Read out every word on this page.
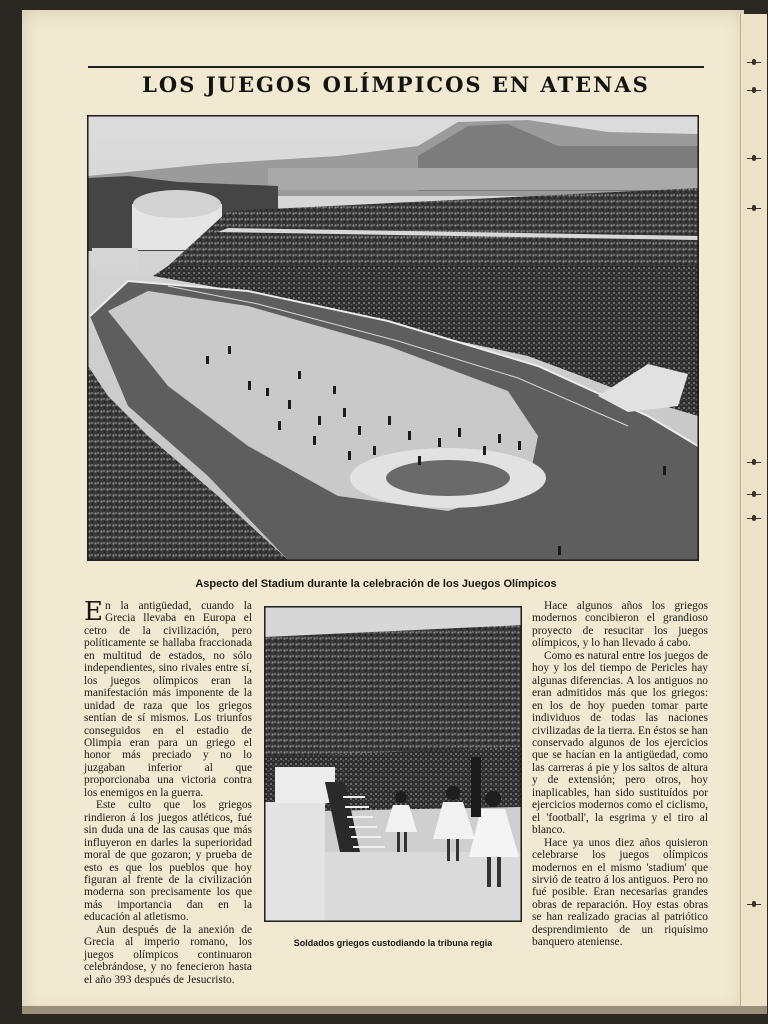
LOS JUEGOS OLÍMPICOS EN ATENAS
Aspecto del Stadium durante la celebración de los Juegos Olímpicos

En la antigüedad, cuando la Grecia llevaba en Europa el cetro de la civilización, pero políticamente se hallaba fraccionada en multitud de estados, no sólo independientes, sino rivales entre sí, los juegos olímpicos eran la manifestación más imponente de la unidad de raza que los griegos sentían de sí mismos. Los triunfos conseguidos en el estadio de Olimpia eran para un griego el honor más preciado y no lo juzgaban inferior al que proporcionaba una victoria contra los enemigos en la guerra.

Este culto que los griegos rindieron á los juegos atléticos, fué sin duda una de las causas que más influyeron en darles la superioridad moral de que gozaron; y prueba de esto es que los pueblos que hoy figuran al frente de la civilización moderna son precisamente los que más importancia dan en la educación al atletismo.

Aun después de la anexión de Grecia al imperio romano, los juegos olímpicos continuaron celebrándose, y no fenecieron hasta el año 393 después de Jesucristo.

Soldados griegos custodiando la tribuna regia

Hace algunos años los griegos modernos concibieron el grandioso proyecto de resucitar los juegos olímpicos, y lo han llevado á cabo.

Como es natural entre los juegos de hoy y los del tiempo de Pericles hay algunas diferencias. A los antiguos no eran admitidos más que los griegos: en los de hoy pueden tomar parte individuos de todas las naciones civilizadas de la tierra. En éstos se han conservado algunos de los ejercicios que se hacían en la antigüedad, como las carreras á pie y los saltos de altura y de extensión; pero otros, hoy inaplicables, han sido sustituídos por ejercicios modernos como el ciclismo, el 'football', la esgrima y el tiro al blanco.

Hace ya unos diez años quisieron celebrarse los juegos olímpicos modernos en el mismo 'stadium' que sirvió de teatro á los antiguos. Pero no fué posible. Eran necesarias grandes obras de reparación. Hoy estas obras se han realizado gracias al patriótico desprendimiento de un riquísimo banquero ateniense.
